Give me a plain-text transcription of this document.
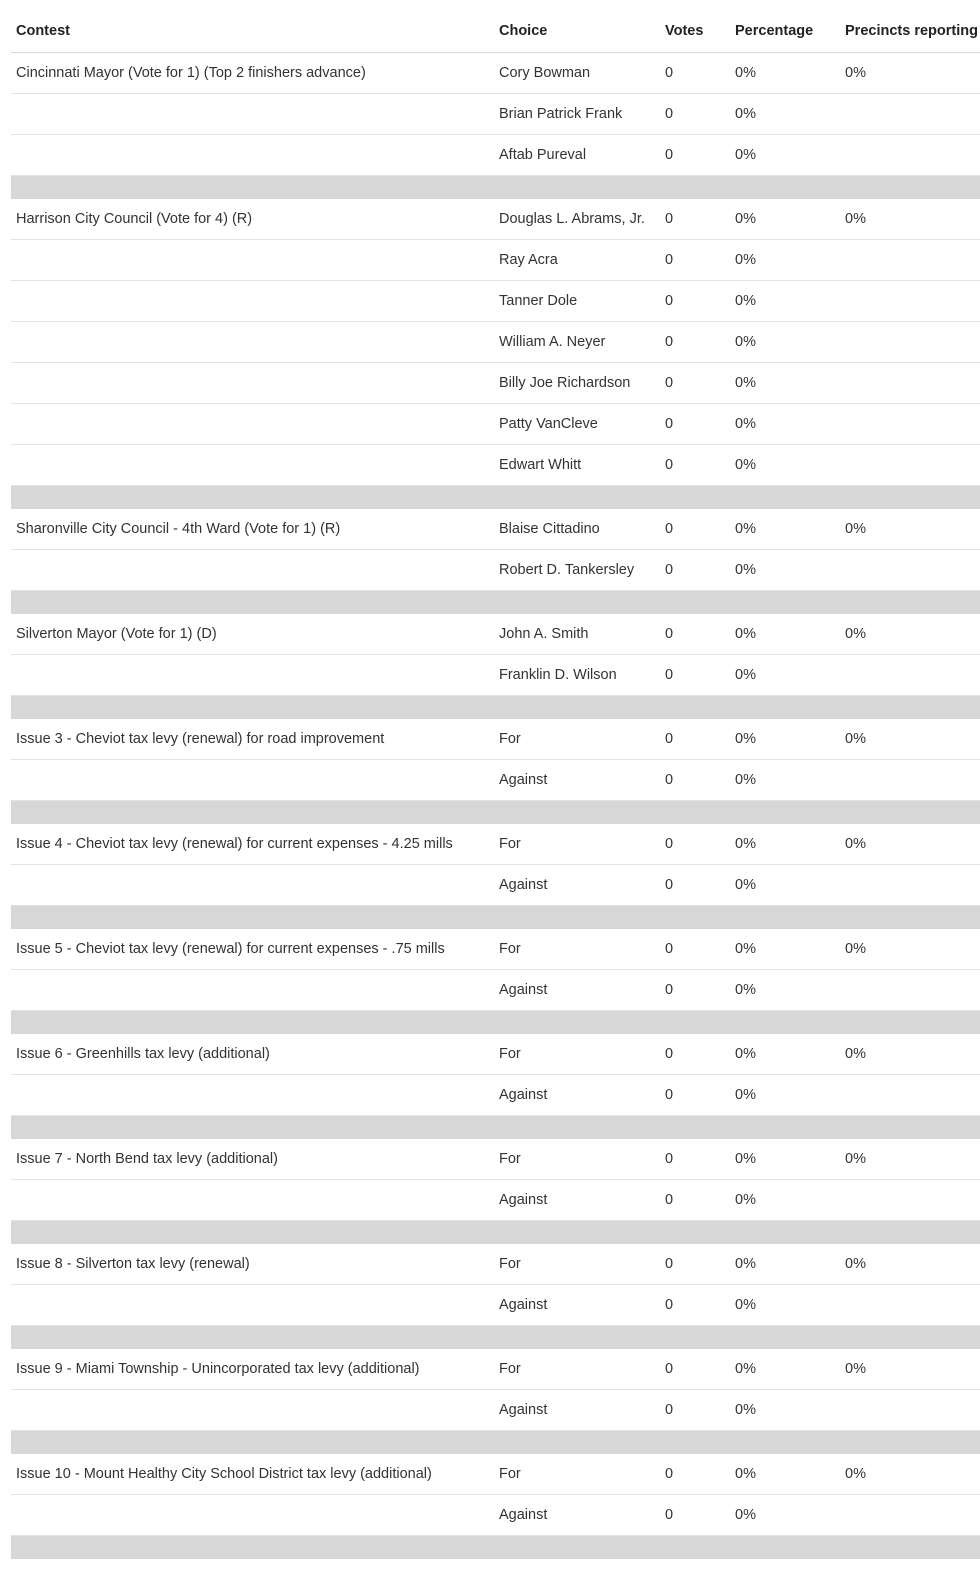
Contest	Choice	Votes	Percentage	Precincts reporting
Cincinnati Mayor (Vote for 1) (Top 2 finishers advance)	Cory Bowman	0	0%	0%
	Brian Patrick Frank	0	0%	
	Aftab Pureval	0	0%	

Harrison City Council (Vote for 4) (R)	Douglas L. Abrams, Jr.	0	0%	0%
	Ray Acra	0	0%	
	Tanner Dole	0	0%	
	William A. Neyer	0	0%	
	Billy Joe Richardson	0	0%	
	Patty VanCleve	0	0%	
	Edwart Whitt	0	0%	

Sharonville City Council - 4th Ward (Vote for 1) (R)	Blaise Cittadino	0	0%	0%
	Robert D. Tankersley	0	0%	

Silverton Mayor (Vote for 1) (D)	John A. Smith	0	0%	0%
	Franklin D. Wilson	0	0%	

Issue 3 - Cheviot tax levy (renewal) for road improvement	For	0	0%	0%
	Against	0	0%	

Issue 4 - Cheviot tax levy (renewal) for current expenses - 4.25 mills	For	0	0%	0%
	Against	0	0%	

Issue 5 - Cheviot tax levy (renewal) for current expenses - .75 mills	For	0	0%	0%
	Against	0	0%	

Issue 6 - Greenhills tax levy (additional)	For	0	0%	0%
	Against	0	0%	

Issue 7 - North Bend tax levy (additional)	For	0	0%	0%
	Against	0	0%	

Issue 8 - Silverton tax levy (renewal)	For	0	0%	0%
	Against	0	0%	

Issue 9 - Miami Township - Unincorporated tax levy (additional)	For	0	0%	0%
	Against	0	0%	

Issue 10 - Mount Healthy City School District tax levy (additional)	For	0	0%	0%
	Against	0	0%	
